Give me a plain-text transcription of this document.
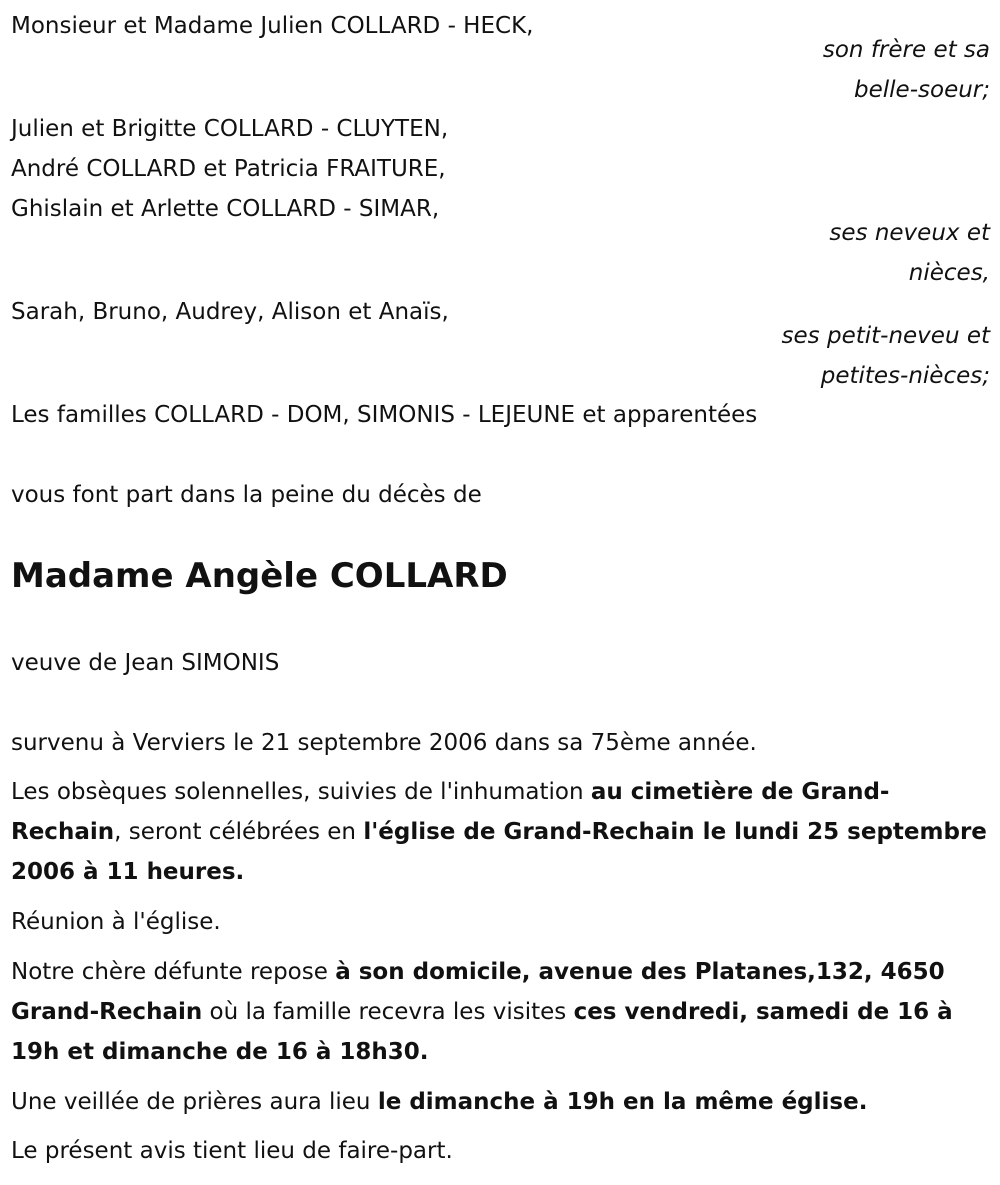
Monsieur et Madame Julien COLLARD - HECK,
son frère et sa
belle-soeur;
Julien et Brigitte COLLARD - CLUYTEN,
André COLLARD et Patricia FRAITURE,
Ghislain et Arlette COLLARD - SIMAR,
ses neveux et
nièces,
Sarah, Bruno, Audrey, Alison et Anaïs,
ses petit-neveu et
petites-nièces;
Les familles COLLARD - DOM, SIMONIS - LEJEUNE et apparentées
vous font part dans la peine du décès de
Madame Angèle COLLARD
veuve de Jean SIMONIS
survenu à Verviers le 21 septembre 2006 dans sa 75ème année.
Les obsèques solennelles, suivies de l'inhumation au cimetière de Grand-Rechain, seront célébrées en l'église de Grand-Rechain le lundi 25 septembre 2006 à 11 heures.
Réunion à l'église.
Notre chère défunte repose à son domicile, avenue des Platanes,132, 4650 Grand-Rechain où la famille recevra les visites ces vendredi, samedi de 16 à 19h et dimanche de 16 à 18h30.
Une veillée de prières aura lieu le dimanche à 19h en la même église.
Le présent avis tient lieu de faire-part.
